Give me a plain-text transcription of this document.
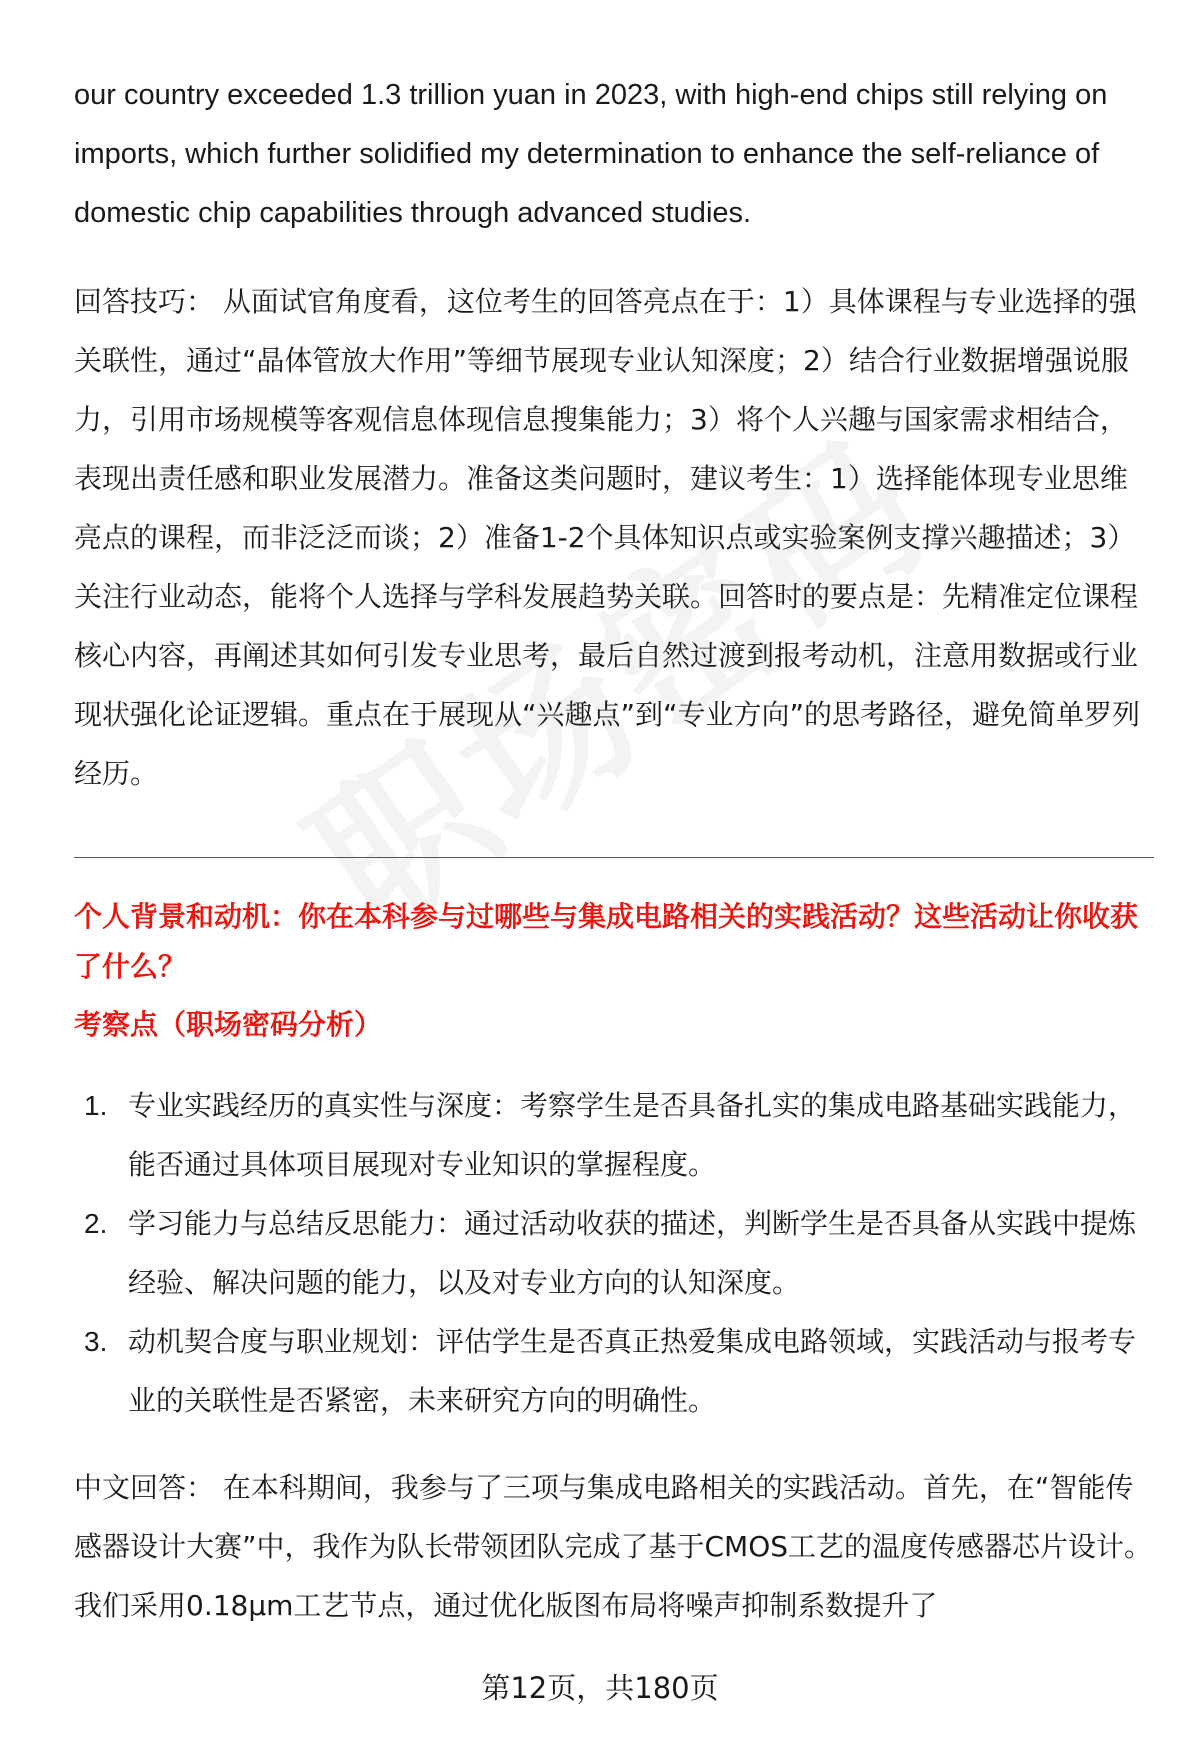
our country exceeded 1.3 trillion yuan in 2023, with high-end chips still relying on imports, which further solidified my determination to enhance the self-reliance of domestic chip capabilities through advanced studies.

回答技巧： 从面试官角度看，这位考生的回答亮点在于：1）具体课程与专业选择的强关联性，通过“晶体管放大作用”等细节展现专业认知深度；2）结合行业数据增强说服力，引用市场规模等客观信息体现信息搜集能力；3）将个人兴趣与国家需求相结合，表现出责任感和职业发展潜力。准备这类问题时，建议考生：1）选择能体现专业思维亮点的课程，而非泛泛而谈；2）准备1-2个具体知识点或实验案例支撑兴趣描述；3）关注行业动态，能将个人选择与学科发展趋势关联。回答时的要点是：先精准定位课程核心内容，再阐述其如何引发专业思考，最后自然过渡到报考动机，注意用数据或行业现状强化论证逻辑。重点在于展现从“兴趣点”到“专业方向”的思考路径，避免简单罗列经历。

个人背景和动机：你在本科参与过哪些与集成电路相关的实践活动？这些活动让你收获了什么？

考察点（职场密码分析）

1. 专业实践经历的真实性与深度：考察学生是否具备扎实的集成电路基础实践能力，能否通过具体项目展现对专业知识的掌握程度。
2. 学习能力与总结反思能力：通过活动收获的描述，判断学生是否具备从实践中提炼经验、解决问题的能力，以及对专业方向的认知深度。
3. 动机契合度与职业规划：评估学生是否真正热爱集成电路领域，实践活动与报考专业的关联性是否紧密，未来研究方向的明确性。

中文回答： 在本科期间，我参与了三项与集成电路相关的实践活动。首先，在“智能传感器设计大赛”中，我作为队长带领团队完成了基于CMOS工艺的温度传感器芯片设计。我们采用0.18μm工艺节点，通过优化版图布局将噪声抑制系数提升了

第12页，共180页
